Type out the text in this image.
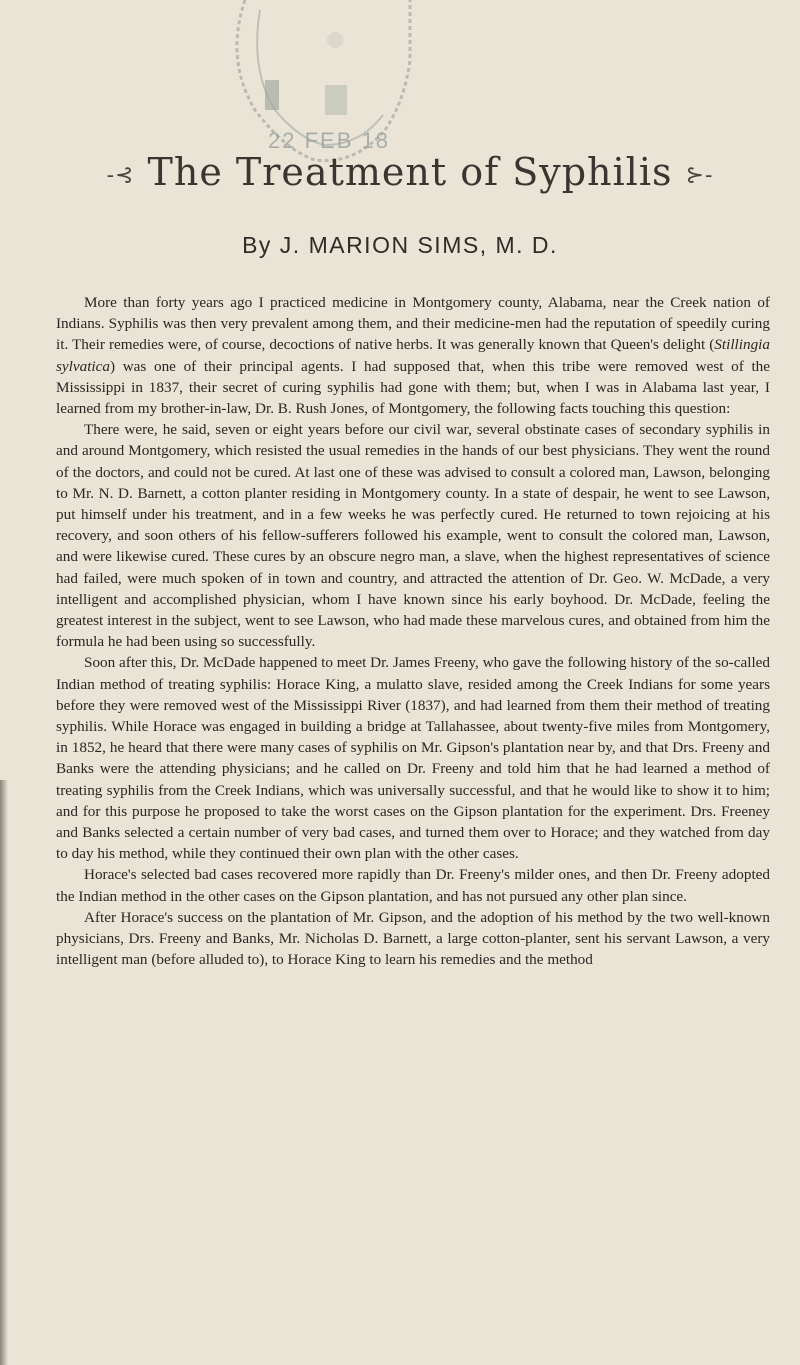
22 FEB 18
-⊰ The Treatment of Syphilis ⊱-
By J. MARION SIMS, M. D.

More than forty years ago I practiced medicine in Montgomery county, Alabama, near the Creek nation of Indians. Syphilis was then very prevalent among them, and their medicine-men had the reputation of speedily curing it. Their remedies were, of course, decoctions of native herbs. It was generally known that Queen's delight (Stillingia sylvatica) was one of their principal agents. I had supposed that, when this tribe were removed west of the Mississippi in 1837, their secret of curing syphilis had gone with them; but, when I was in Alabama last year, I learned from my brother-in-law, Dr. B. Rush Jones, of Montgomery, the following facts touching this question:

There were, he said, seven or eight years before our civil war, several obstinate cases of secondary syphilis in and around Montgomery, which resisted the usual remedies in the hands of our best physicians. They went the round of the doctors, and could not be cured. At last one of these was advised to consult a colored man, Lawson, belonging to Mr. N. D. Barnett, a cotton planter residing in Montgomery county. In a state of despair, he went to see Lawson, put himself under his treatment, and in a few weeks he was perfectly cured. He returned to town rejoicing at his recovery, and soon others of his fellow-sufferers followed his example, went to consult the colored man, Lawson, and were likewise cured. These cures by an obscure negro man, a slave, when the highest representatives of science had failed, were much spoken of in town and country, and attracted the attention of Dr. Geo. W. McDade, a very intelligent and accomplished physician, whom I have known since his early boyhood. Dr. McDade, feeling the greatest interest in the subject, went to see Lawson, who had made these marvelous cures, and obtained from him the formula he had been using so successfully.

Soon after this, Dr. McDade happened to meet Dr. James Freeny, who gave the following history of the so-called Indian method of treating syphilis: Horace King, a mulatto slave, resided among the Creek Indians for some years before they were removed west of the Mississippi River (1837), and had learned from them their method of treating syphilis. While Horace was engaged in building a bridge at Tallahassee, about twenty-five miles from Montgomery, in 1852, he heard that there were many cases of syphilis on Mr. Gipson's plantation near by, and that Drs. Freeny and Banks were the attending physicians; and he called on Dr. Freeny and told him that he had learned a method of treating syphilis from the Creek Indians, which was universally successful, and that he would like to show it to him; and for this purpose he proposed to take the worst cases on the Gipson plantation for the experiment. Drs. Freeney and Banks selected a certain number of very bad cases, and turned them over to Horace; and they watched from day to day his method, while they continued their own plan with the other cases.

Horace's selected bad cases recovered more rapidly than Dr. Freeny's milder ones, and then Dr. Freeny adopted the Indian method in the other cases on the Gipson plantation, and has not pursued any other plan since.

After Horace's success on the plantation of Mr. Gipson, and the adoption of his method by the two well-known physicians, Drs. Freeny and Banks, Mr. Nicholas D. Barnett, a large cotton-planter, sent his servant Lawson, a very intelligent man (before alluded to), to Horace King to learn his remedies and the method
